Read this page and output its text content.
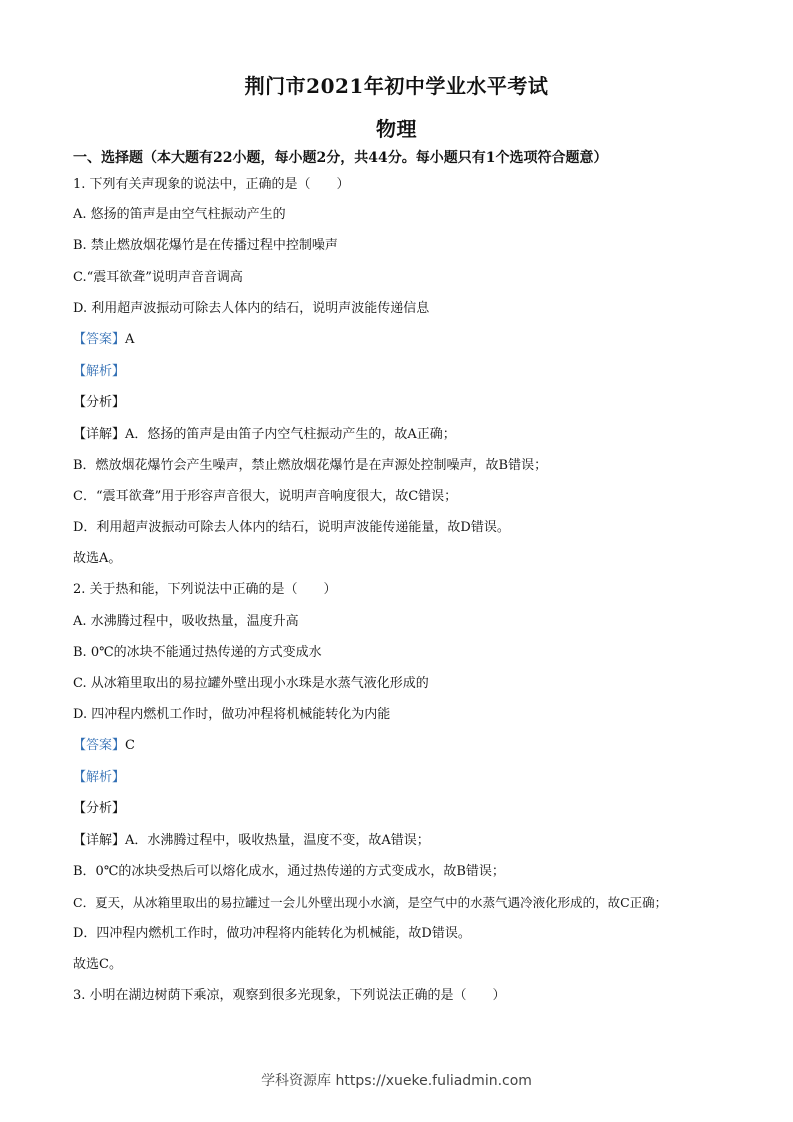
荆门市2021年初中学业水平考试
物理
一、选择题（本大题有22小题，每小题2分，共44分。每小题只有1个选项符合题意）
1. 下列有关声现象的说法中，正确的是（　　）
A. 悠扬的笛声是由空气柱振动产生的
B. 禁止燃放烟花爆竹是在传播过程中控制噪声
C.“震耳欲聋”说明声音音调高
D. 利用超声波振动可除去人体内的结石，说明声波能传递信息
【答案】A
【解析】
【分析】
【详解】A．悠扬的笛声是由笛子内空气柱振动产生的，故A正确；
B．燃放烟花爆竹会产生噪声，禁止燃放烟花爆竹是在声源处控制噪声，故B错误；
C．“震耳欲聋”用于形容声音很大，说明声音响度很大，故C错误；
D．利用超声波振动可除去人体内的结石，说明声波能传递能量，故D错误。
故选A。
2. 关于热和能，下列说法中正确的是（　　）
A. 水沸腾过程中，吸收热量，温度升高
B. 0℃的冰块不能通过热传递的方式变成水
C. 从冰箱里取出的易拉罐外壁出现小水珠是水蒸气液化形成的
D. 四冲程内燃机工作时，做功冲程将机械能转化为内能
【答案】C
【解析】
【分析】
【详解】A．水沸腾过程中，吸收热量，温度不变，故A错误；
B．0℃的冰块受热后可以熔化成水，通过热传递的方式变成水，故B错误；
C．夏天，从冰箱里取出的易拉罐过一会儿外壁出现小水滴，是空气中的水蒸气遇冷液化形成的，故C正确；
D．四冲程内燃机工作时，做功冲程将内能转化为机械能，故D错误。
故选C。
3. 小明在湖边树荫下乘凉，观察到很多光现象，下列说法正确的是（　　）
学科资源库 https://xueke.fuliadmin.com
